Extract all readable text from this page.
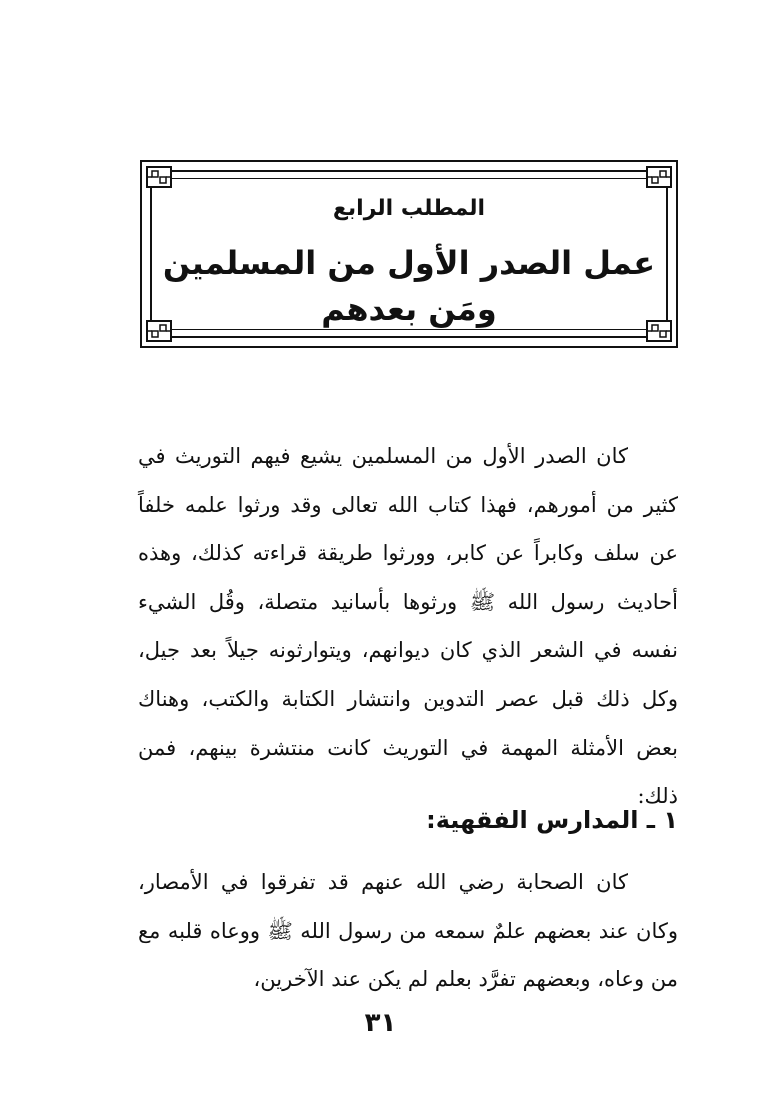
المطلب الرابع
عمل الصدر الأول من المسلمين
ومَن بعدهم

كان الصدر الأول من المسلمين يشيع فيهم التوريث في كثير من أمورهم، فهذا كتاب الله تعالى وقد ورثوا علمه خلفاً عن سلف وكابراً عن كابر، وورثوا طريقة قراءته كذلك، وهذه أحاديث رسول الله ﷺ ورثوها بأسانيد متصلة، وقُل الشيء نفسه في الشعر الذي كان ديوانهم، ويتوارثونه جيلاً بعد جيل، وكل ذلك قبل عصر التدوين وانتشار الكتابة والكتب، وهناك بعض الأمثلة المهمة في التوريث كانت منتشرة بينهم، فمن ذلك:

١ ـ المدارس الفقهية:

كان الصحابة رضي الله عنهم قد تفرقوا في الأمصار، وكان عند بعضهم علمٌ سمعه من رسول الله ﷺ ووعاه قلبه مع من وعاه، وبعضهم تفرَّد بعلم لم يكن عند الآخرين،

٣١
